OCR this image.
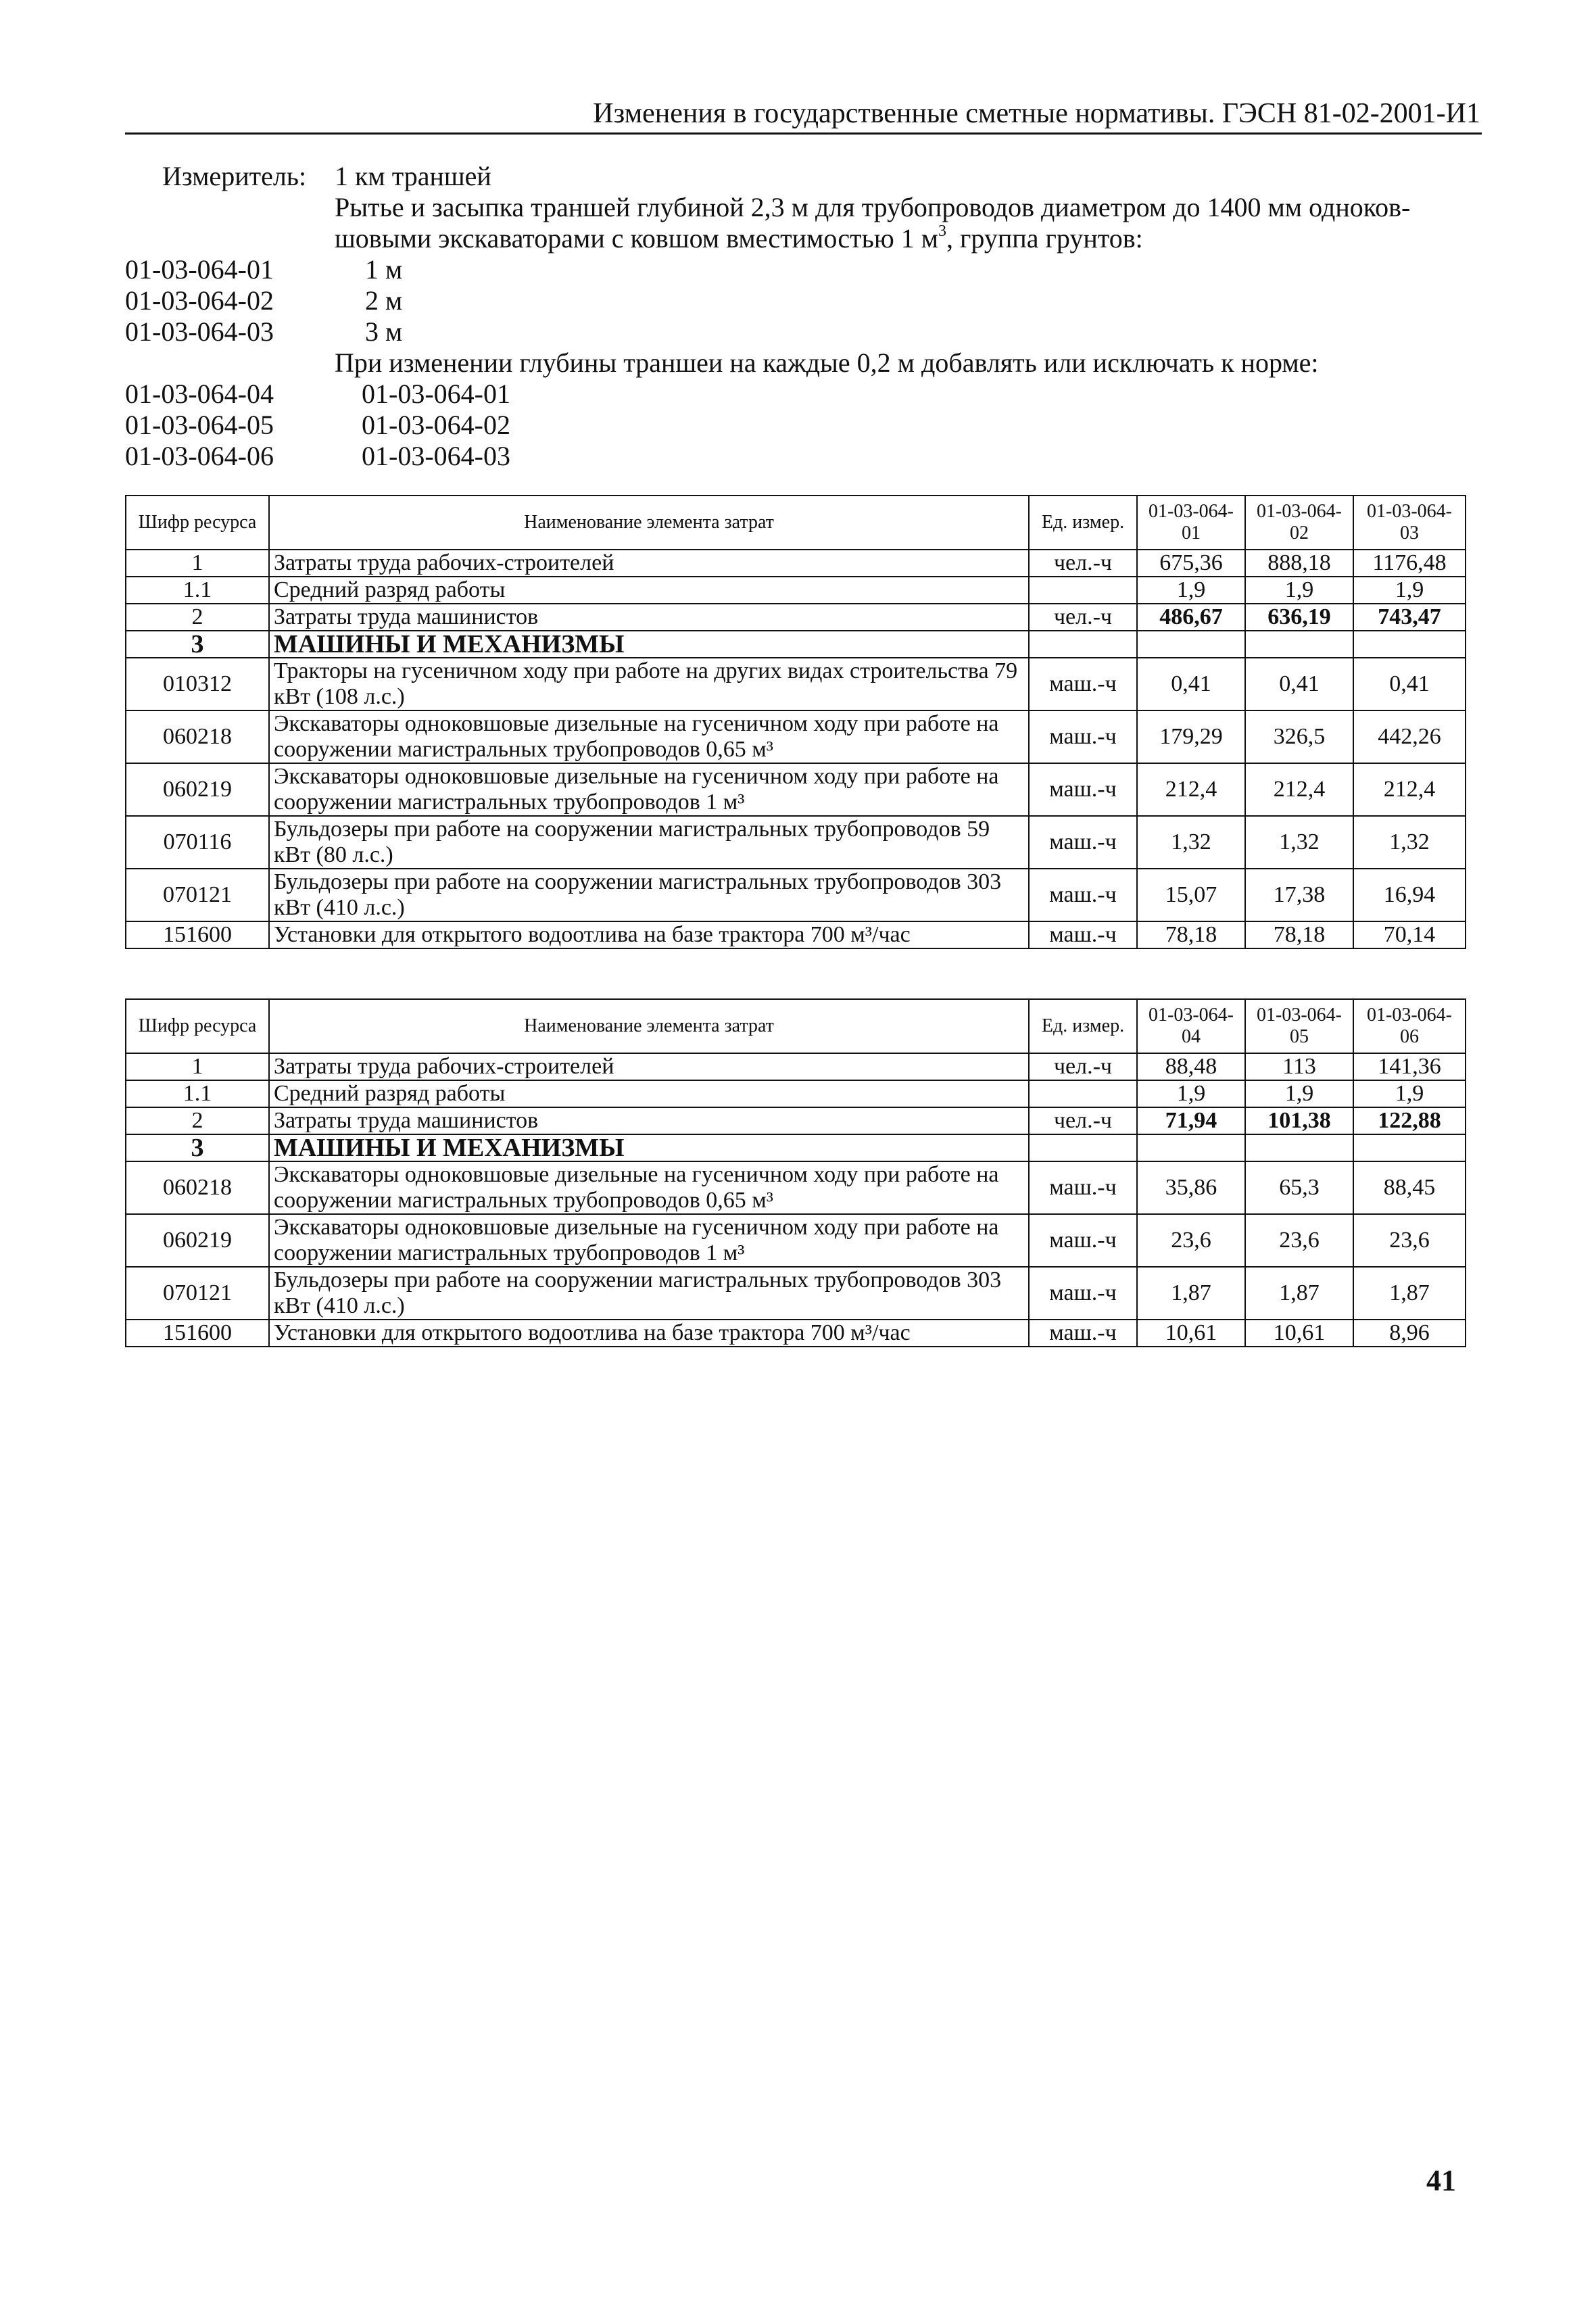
Изменения в государственные сметные нормативы. ГЭСН 81-02-2001-И1
Измеритель: 1 км траншей
Рытье и засыпка траншей глубиной 2,3 м для трубопроводов диаметром до 1400 мм одноков-
шовыми экскаваторами с ковшом вместимостью 1 $м^3$, группа грунтов:
01-03-064-01	1 м
01-03-064-02	2 м
01-03-064-03	3 м
При изменении глубины траншеи на каждые 0,2 м добавлять или исключать к норме:
01-03-064-04	01-03-064-01
01-03-064-05	01-03-064-02
01-03-064-06	01-03-064-03
Шифр ресурса	Наименование элемента затрат	Ед. измер.	01-03-064-01	01-03-064-02	01-03-064-03
1	Затраты труда рабочих-строителей	чел.-ч	675,36	888,18	1176,48
1.1	Средний разряд работы		1,9	1,9	1,9
2	Затраты труда машинистов	чел.-ч	486,67	636,19	743,47
3	МАШИНЫ И МЕХАНИЗМЫ				
010312	Тракторы на гусеничном ходу при работе на других видах строительства 79 кВт (108 л.с.)	маш.-ч	0,41	0,41	0,41
060218	Экскаваторы одноковшовые дизельные на гусеничном ходу при работе на сооружении магистральных трубопроводов 0,65 м³	маш.-ч	179,29	326,5	442,26
060219	Экскаваторы одноковшовые дизельные на гусеничном ходу при работе на сооружении магистральных трубопроводов 1 м³	маш.-ч	212,4	212,4	212,4
070116	Бульдозеры при работе на сооружении магистральных трубопроводов 59 кВт (80 л.с.)	маш.-ч	1,32	1,32	1,32
070121	Бульдозеры при работе на сооружении магистральных трубопроводов 303 кВт (410 л.с.)	маш.-ч	15,07	17,38	16,94
151600	Установки для открытого водоотлива на базе трактора 700 м³/час	маш.-ч	78,18	78,18	70,14
Шифр ресурса	Наименование элемента затрат	Ед. измер.	01-03-064-04	01-03-064-05	01-03-064-06
1	Затраты труда рабочих-строителей	чел.-ч	88,48	113	141,36
1.1	Средний разряд работы		1,9	1,9	1,9
2	Затраты труда машинистов	чел.-ч	71,94	101,38	122,88
3	МАШИНЫ И МЕХАНИЗМЫ				
060218	Экскаваторы одноковшовые дизельные на гусеничном ходу при работе на сооружении магистральных трубопроводов 0,65 м³	маш.-ч	35,86	65,3	88,45
060219	Экскаваторы одноковшовые дизельные на гусеничном ходу при работе на сооружении магистральных трубопроводов 1 м³	маш.-ч	23,6	23,6	23,6
070121	Бульдозеры при работе на сооружении магистральных трубопроводов 303 кВт (410 л.с.)	маш.-ч	1,87	1,87	1,87
151600	Установки для открытого водоотлива на базе трактора 700 м³/час	маш.-ч	10,61	10,61	8,96
41
